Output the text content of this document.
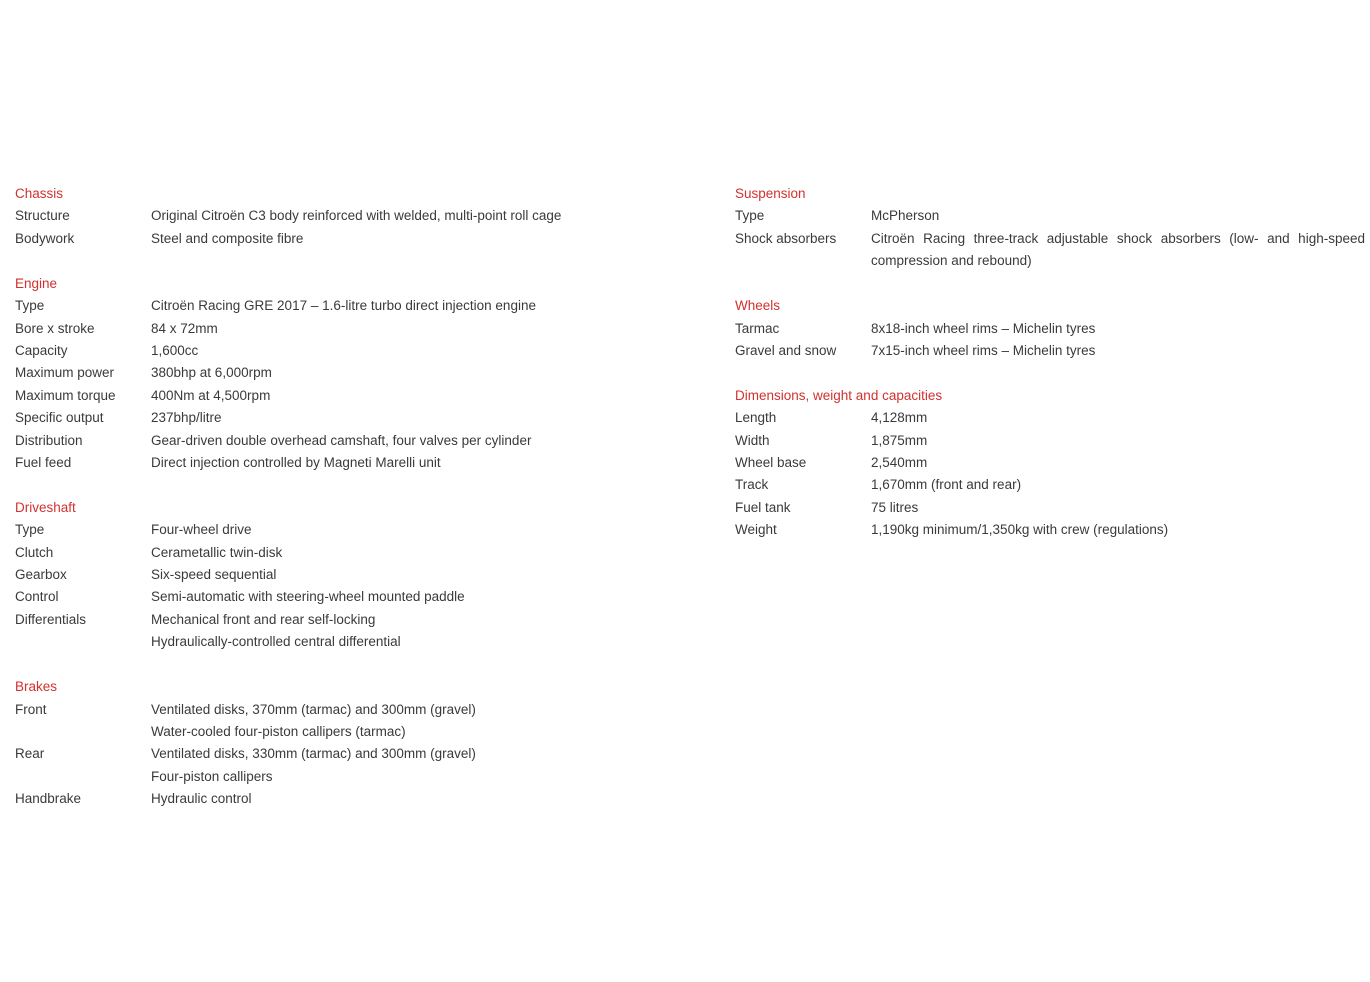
Chassis
Structure	Original Citroën C3 body reinforced with welded, multi-point roll cage
Bodywork	Steel and composite fibre
Engine
Type	Citroën Racing GRE 2017 – 1.6-litre turbo direct injection engine
Bore x stroke	84 x 72mm
Capacity	1,600cc
Maximum power	380bhp at 6,000rpm
Maximum torque	400Nm at 4,500rpm
Specific output	237bhp/litre
Distribution	Gear-driven double overhead camshaft, four valves per cylinder
Fuel feed	Direct injection controlled by Magneti Marelli unit
Driveshaft
Type	Four-wheel drive
Clutch	Cerametallic twin-disk
Gearbox	Six-speed sequential
Control	Semi-automatic with steering-wheel mounted paddle
Differentials	Mechanical front and rear self-locking
Hydraulically-controlled central differential
Brakes
Front	Ventilated disks, 370mm (tarmac) and 300mm (gravel)
Water-cooled four-piston callipers (tarmac)
Rear	Ventilated disks, 330mm (tarmac) and 300mm (gravel)
Four-piston callipers
Handbrake	Hydraulic control
Suspension
Type	McPherson
Shock absorbers	Citroën Racing three-track adjustable shock absorbers (low- and high-speed compression and rebound)
Wheels
Tarmac	8x18-inch wheel rims – Michelin tyres
Gravel and snow	7x15-inch wheel rims – Michelin tyres
Dimensions, weight and capacities
Length	4,128mm
Width	1,875mm
Wheel base	2,540mm
Track	1,670mm (front and rear)
Fuel tank	75 litres
Weight	1,190kg minimum/1,350kg with crew (regulations)
